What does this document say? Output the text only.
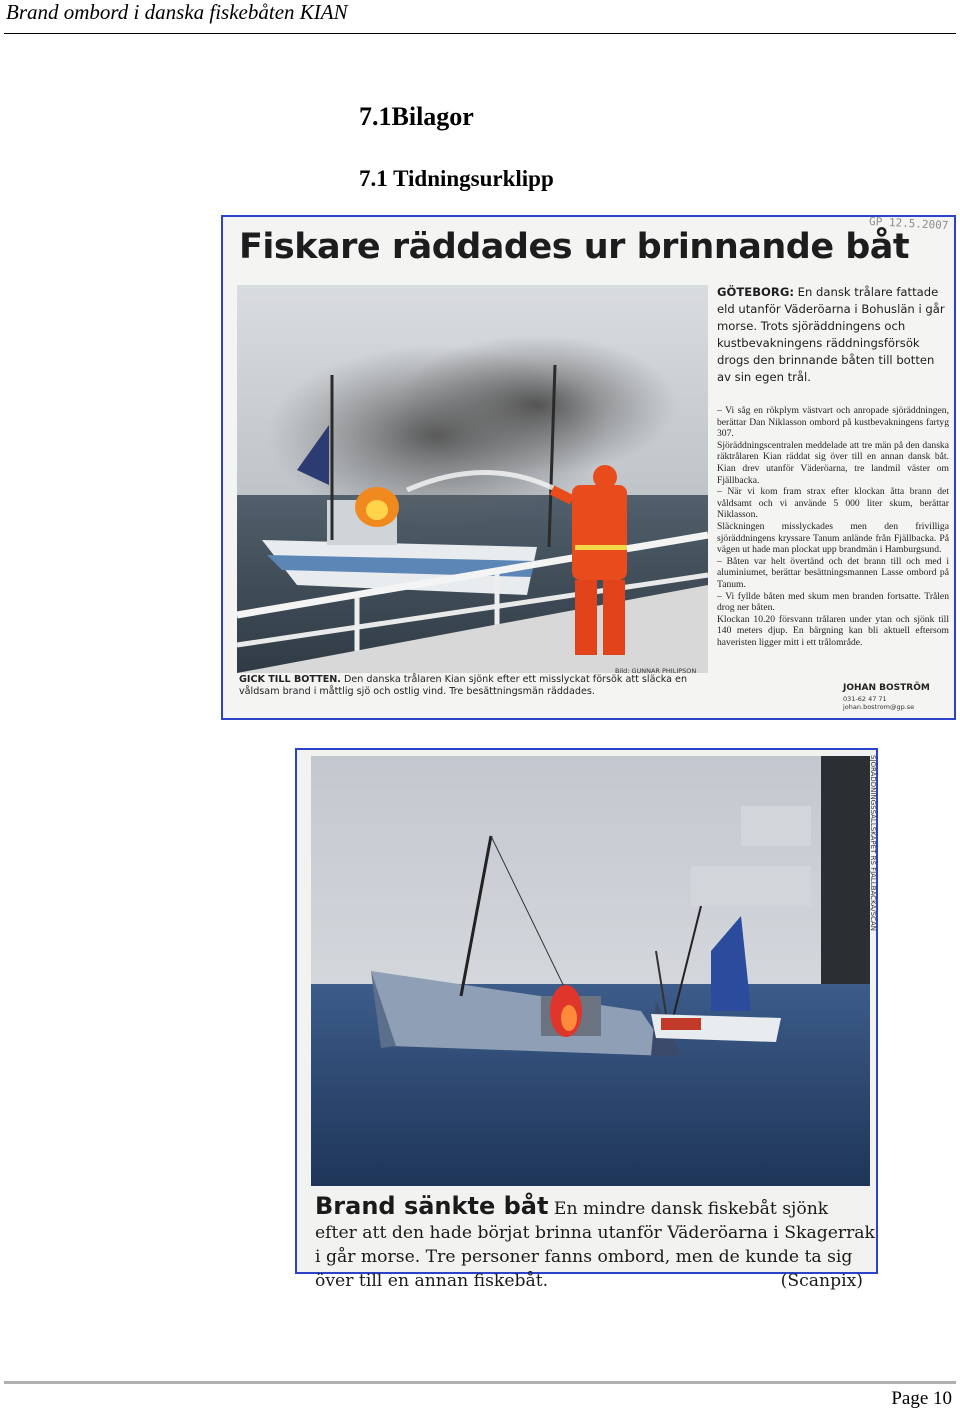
Brand ombord i danska fiskebåten KIAN
7.1Bilagor
7.1 Tidningsurklipp
Fiskare räddades ur brinnande båt
GP 12.5.2007
Bild: GUNNAR PHILIPSON
GICK TILL BOTTEN. Den danska trålaren Kian sjönk efter ett misslyckat försök att släcka en våldsam brand i måttlig sjö och ostlig vind. Tre besättningsmän räddades.
GÖTEBORG: En dansk trålare fattade eld utanför Väderöarna i Bohuslän i går morse. Trots sjöräddningens och kustbevakningens räddningsförsök drogs den brinnande båten till botten av sin egen trål.

– Vi såg en rökplym västvart och anropade sjöräddningen, berättar Dan Niklasson ombord på kustbevakningens fartyg 307.

Sjöräddningscentralen meddelade att tre män på den danska räktrålaren Kian räddat sig över till en annan dansk båt. Kian drev utanför Väderöarna, tre landmil väster om Fjällbacka.

– När vi kom fram strax efter klockan åtta brann det våldsamt och vi använde 5 000 liter skum, berättar Niklasson.

Släckningen misslyckades men den frivilliga sjöräddningens kryssare Tanum anlände från Fjällbacka. På vägen ut hade man plockat upp brandmän i Hamburgsund.

– Båten var helt övertänd och det brann till och med i aluminiumet, berättar besättningsmannen Lasse ombord på Tanum.

– Vi fyllde båten med skum men branden fortsatte. Trålen drog ner båten.

Klockan 10.20 försvann trålaren under ytan och sjönk till 140 meters djup. En bärgning kan bli aktuell eftersom haveristen ligger mitt i ett trålområde.

JOHAN BOSTRÖM
031-62 47 71 johan.bostrom@gp.se
SJÖRÄDDNINGSSÄLLSKAPET RS FJÄLLBACKA/SCAN
Brand sänkte båt En mindre dansk fiskebåt sjönk efter att den hade börjat brinna utanför Väderöarna i Skagerrak i går morse. Tre personer fanns ombord, men de kunde ta sig över till en annan fiskebåt.	(Scanpix)
Page 10
